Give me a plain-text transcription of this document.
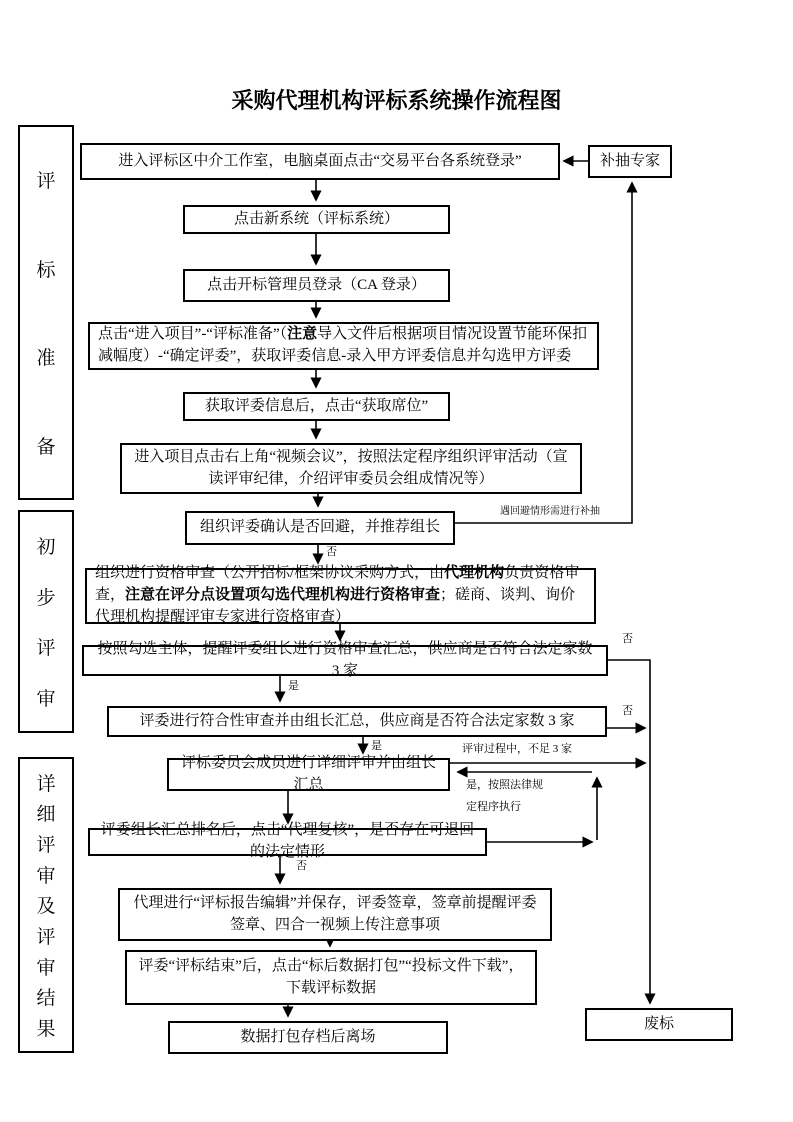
采购代理机构评标系统操作流程图
评
标
准
备
初
步
评
审
详
细
评
审
及
评
审
结
果
进入评标区中介工作室，电脑桌面点击“交易平台各系统登录”
点击新系统（评标系统）
点击开标管理员登录（CA 登录）
点击“进入项目”-“评标准备”（注意导入文件后根据项目情况设置节能环保扣减幅度）-“确定评委”，获取评委信息-录入甲方评委信息并勾选甲方评委
获取评委信息后，点击“获取席位”
进入项目点击右上角“视频会议”，按照法定程序组织评审活动（宣读评审纪律，介绍评审委员会组成情况等）
组织评委确认是否回避，并推荐组长
组织进行资格审查（公开招标/框架协议采购方式，由代理机构负责资格审查，注意在评分点设置项勾选代理机构进行资格审查；磋商、谈判、询价代理机构提醒评审专家进行资格审查）
按照勾选主体，提醒评委组长进行资格审查汇总，供应商是否符合法定家数 3 家
评委进行符合性审查并由组长汇总，供应商是否符合法定家数 3 家
评标委员会成员进行详细评审并由组长汇总
评委组长汇总排名后，点击“代理复核”，是否存在可退回的法定情形
代理进行“评标报告编辑”并保存，评委签章，签章前提醒评委签章、四合一视频上传注意事项
评委“评标结束”后，点击“标后数据打包”“投标文件下载”，下载评标数据
数据打包存档后离场
补抽专家
废标
否
遇回避情形需进行补抽
否
是
否
是	评审过程中，不足 3 家
是，按照法律规
定程序执行
否
